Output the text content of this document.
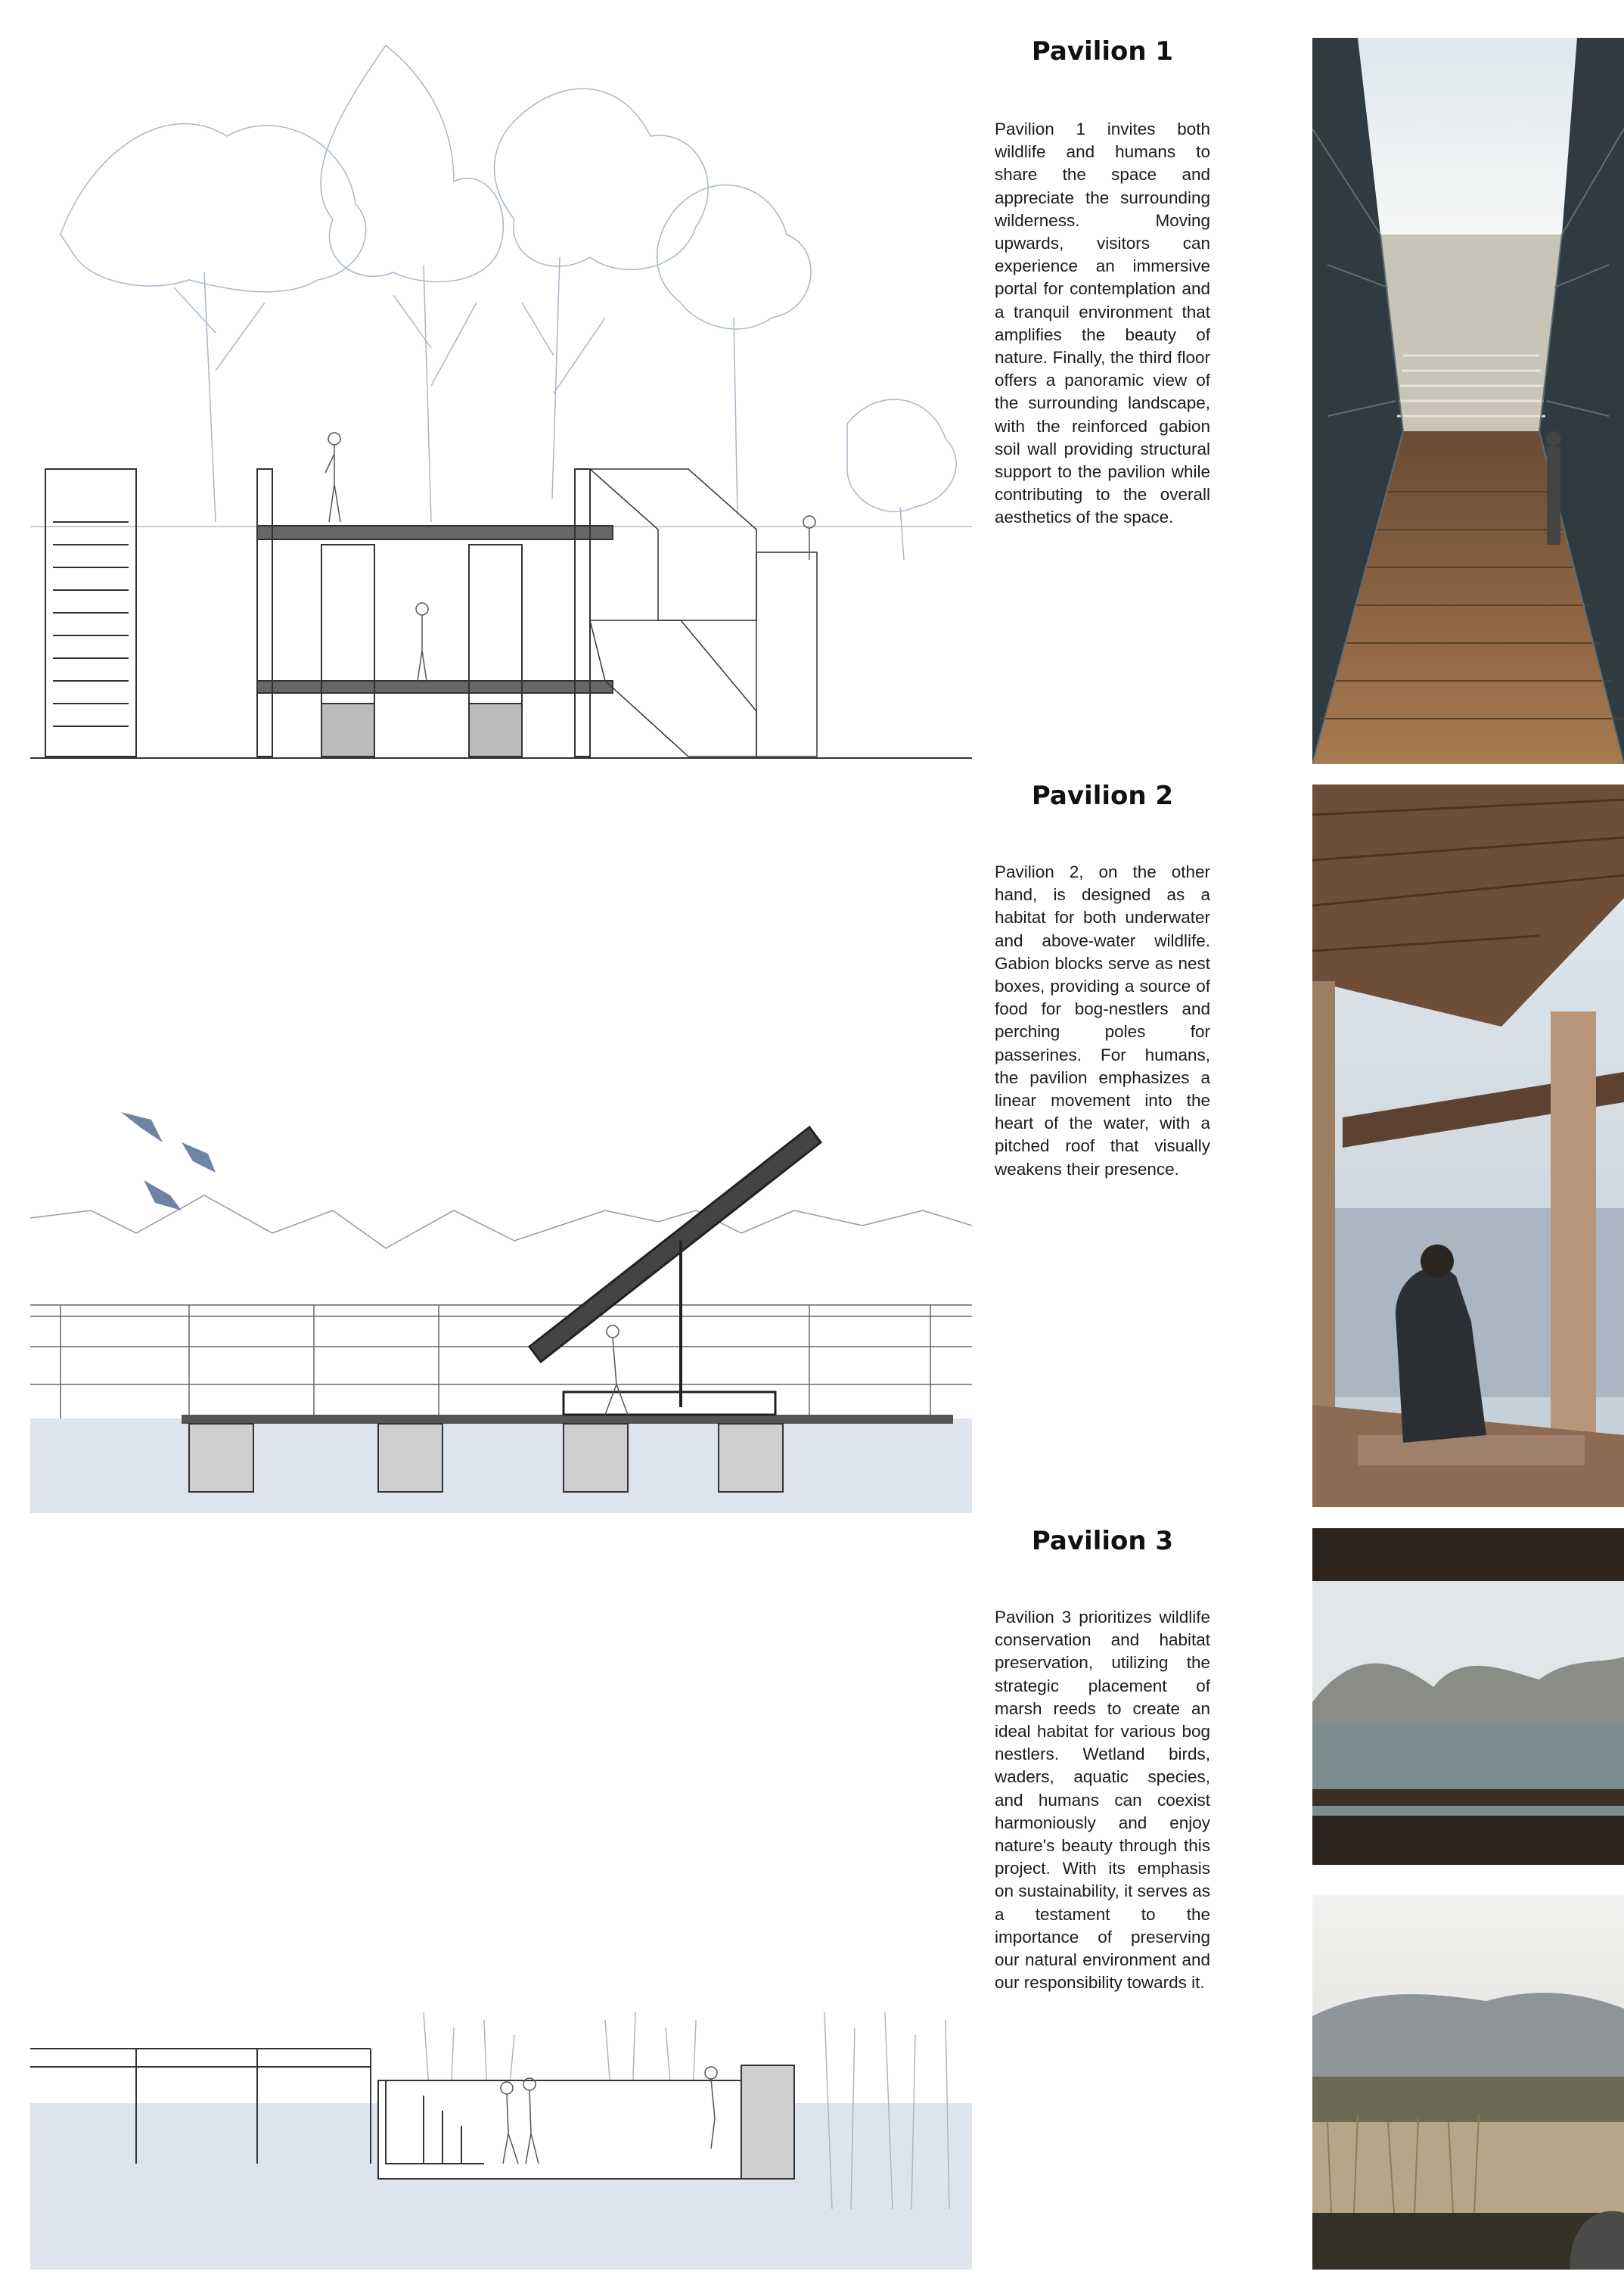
Pavilion 1

Pavilion 1 invites both wildlife and humans to share the space and appreciate the surrounding wilderness. Moving upwards, visitors can experience an immersive portal for contemplation and a tranquil environment that amplifies the beauty of nature. Finally, the third floor offers a panoramic view of the surrounding landscape, with the reinforced gabion soil wall providing structural support to the pavilion while contributing to the overall aesthetics of the space.

Pavilion 2

Pavilion 2, on the other hand, is designed as a habitat for both underwater and above-water wildlife. Gabion blocks serve as nest boxes, providing a source of food for bog-nestlers and perching poles for passerines. For humans, the pavilion emphasizes a linear movement into the heart of the water, with a pitched roof that visually weakens their presence.

Pavilion 3

Pavilion 3 prioritizes wildlife conservation and habitat preservation, utilizing the strategic placement of marsh reeds to create an ideal habitat for various bog nestlers. Wetland birds, waders, aquatic species, and humans can coexist harmoniously and enjoy nature's beauty through this project. With its emphasis on sustainability, it serves as a testament to the importance of preserving our natural environment and our responsibility towards it.
